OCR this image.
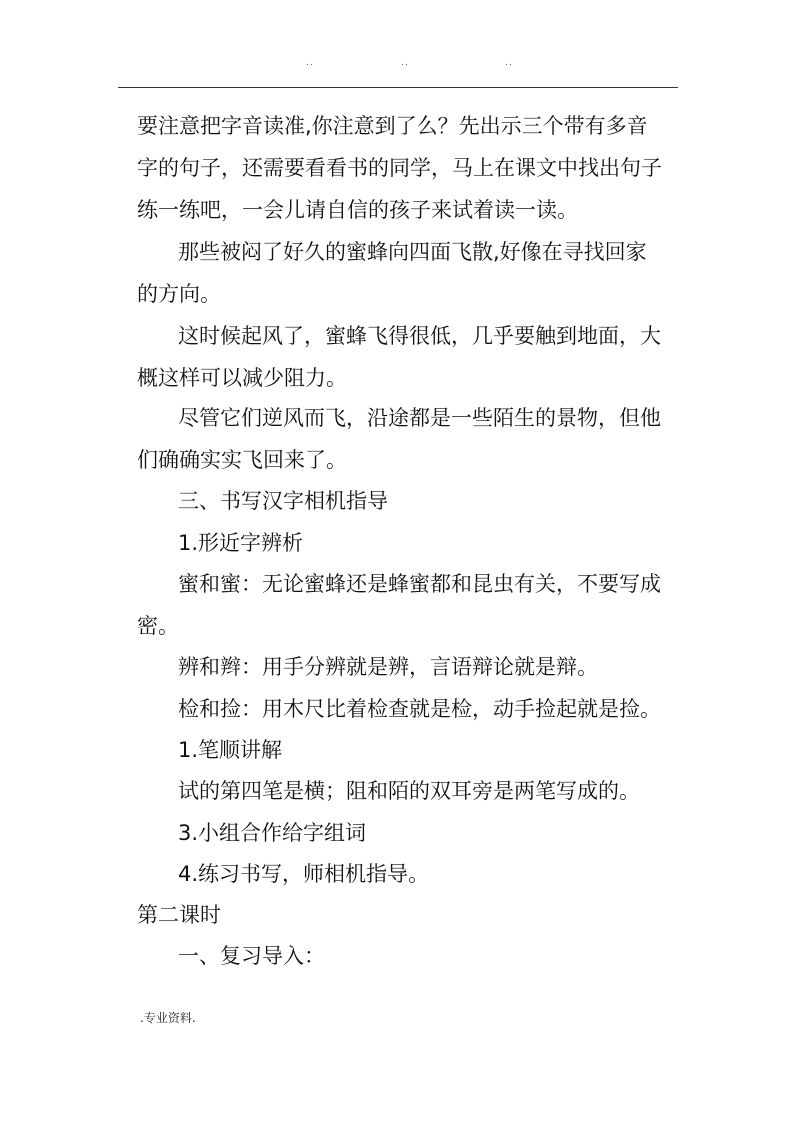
..	..	..
要注意把字音读准,你注意到了么？先出示三个带有多音
字的句子，还需要看看书的同学，马上在课文中找出句子
练一练吧，一会儿请自信的孩子来试着读一读。
那些被闷了好久的蜜蜂向四面飞散,好像在寻找回家
的方向。
这时候起风了，蜜蜂飞得很低，几乎要触到地面，大
概这样可以减少阻力。
尽管它们逆风而飞，沿途都是一些陌生的景物，但他
们确确实实飞回来了。
三、书写汉字相机指导
1.形近字辨析
蜜和蜜：无论蜜蜂还是蜂蜜都和昆虫有关，不要写成
密。
辨和辫：用手分辨就是辨，言语辩论就是辩。
检和捡：用木尺比着检查就是检，动手捡起就是捡。
1.笔顺讲解
试的第四笔是横；阻和陌的双耳旁是两笔写成的。
3.小组合作给字组词
4.练习书写，师相机指导。
第二课时
一、复习导入：
.专业资料.
